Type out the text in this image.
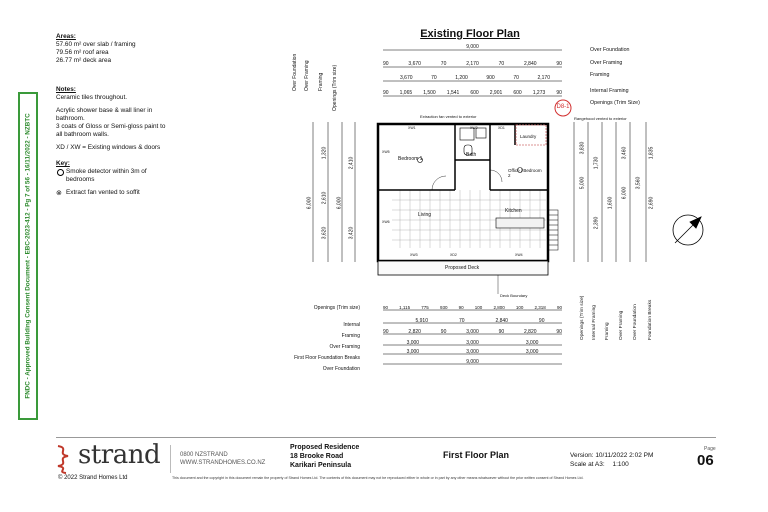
FNDC - Approved Building Consent Document - EBC-2023-412 - Pg 7 of 56 - 16/11/2022 - NZBTC

Areas:

57.60 m² over slab / framing

79.56 m² roof area

26.77 m² deck area

Notes:

Ceramic tiles throughout.

Acrylic shower base & wall liner in bathroom.

3 coats of Gloss or Semi-gloss paint to all bathroom walls.

XD / XW = Existing windows & doors

Key:

Smoke detector within 3m of bedrooms

⊗ Extract fan vented to soffit

Existing Floor Plan
Over Foundation
Over Framing
Framing
Internal Framing
Openings (Trim Size)
Over Foundation Over Framing Framing Openings (Trim size)
9,000
90	3,670	70	2,170	70	2,840	90
3,670	70	1,200	900	70	2,170
90 1,065 1,500 1,541 600 2,901 600 1,273 90
6,000
3,620
2,610
1,320
6,000
3,420
2,410
5,000
3,830
2,390
1,730
1,600
6,000
3,460
3,560
2,690
1,835
Bedroom 1
Bath
Laundry
Office / Bedroom 2
Living
Kitchen
Proposed Deck
Extraction fan vented to exterior	Rangehood vented to exterior
Deck Boundary
XW1	XW2	XD1
XW3	XD2	XW4
XW5
XW6
D8-1
Openings (Trim size)
Internal
Framing
Over Framing
First Floor Foundation Breaks
Over Foundation
90 1,115 775 930 90 100 2,800 100 2,318 90
5,910	70	2,840	90
90	2,820	90	3,000	90	2,820	90
3,000	3,000	3,000
3,000	3,000	3,000
9,000
Openings (Trim size) Internal Framing Framing Over Framing Over Foundation Foundation Breaks
strand	0800 NZSTRAND
WWW.STRANDHOMES.CO.NZ
Proposed Residence
18 Brooke Road
Karikari Peninsula
First Floor Plan	Version: 10/11/2022 2:02 PM
Scale at A3: 1:100
Page
06
© 2022 Strand Homes Ltd	This document and the copyright in this document remain the property of Strand Homes Ltd. The contents of this document may not be reproduced either in whole or in part by any other means whatsoever without the prior written consent of Strand Homes Ltd.
